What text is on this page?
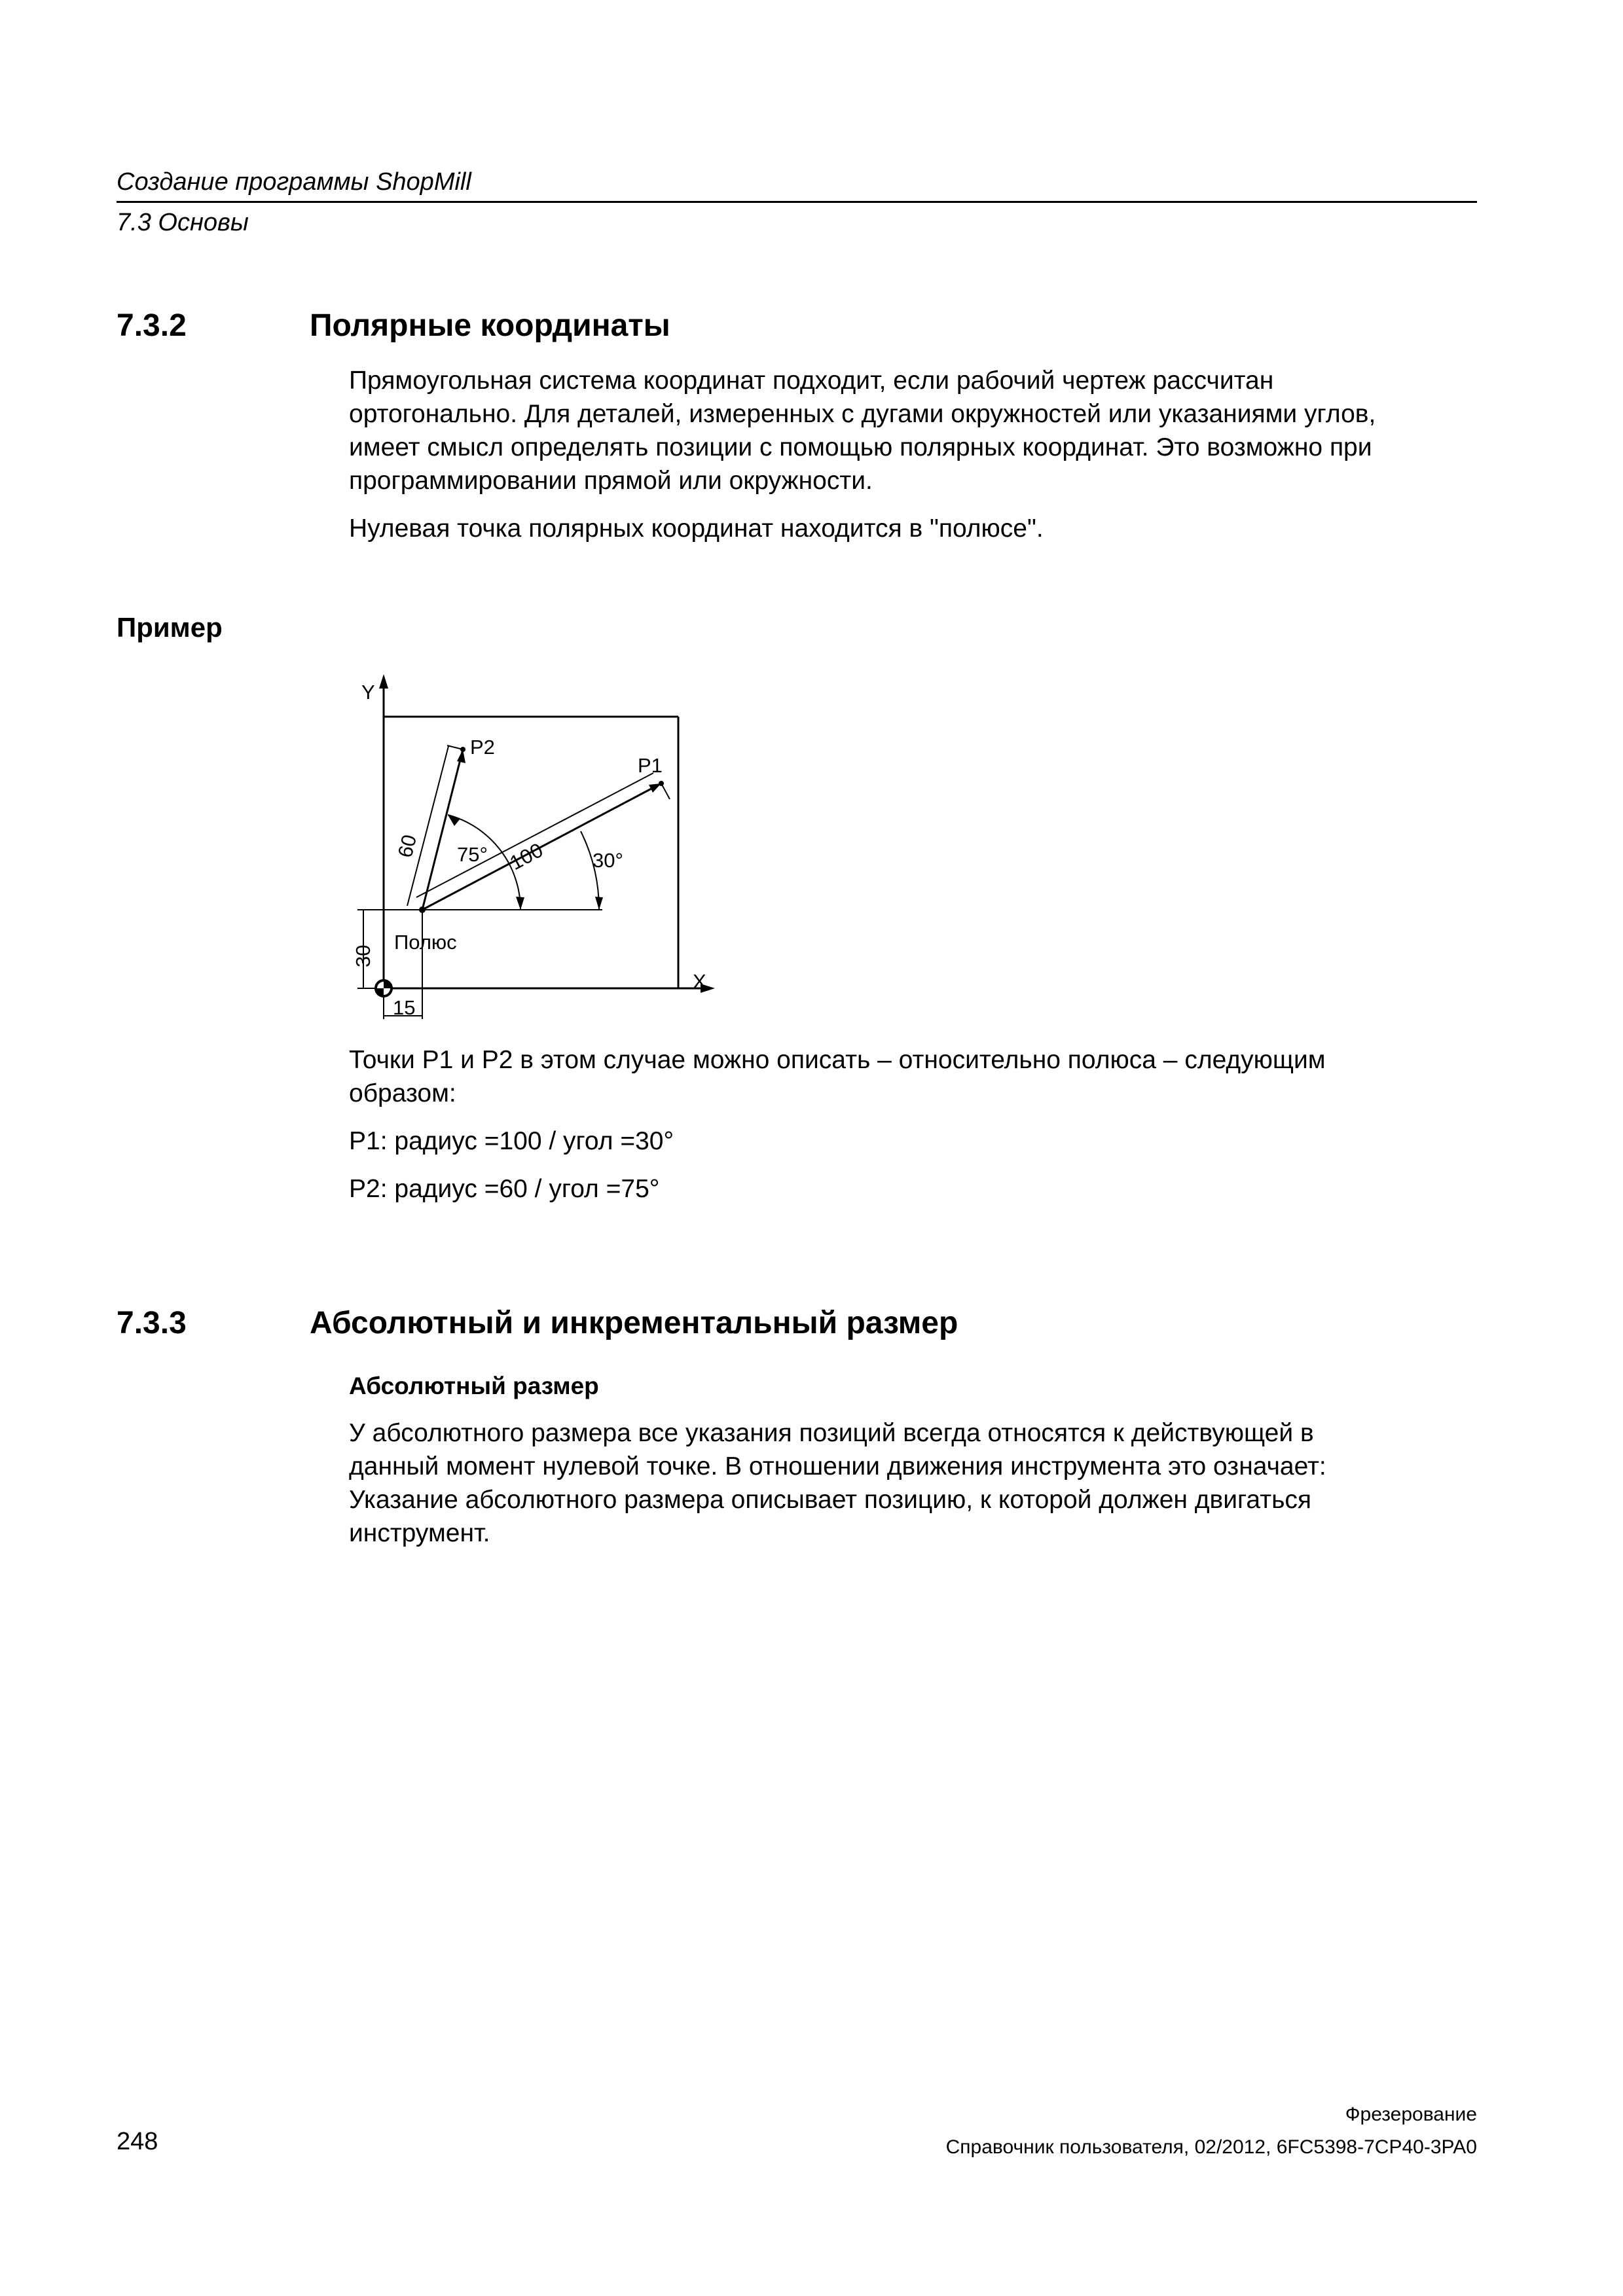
Создание программы ShopMill
7.3 Основы
7.3.2	Полярные координаты

Прямоугольная система координат подходит, если рабочий чертеж рассчитан
ортогонально. Для деталей, измеренных с дугами окружностей или указаниями углов,
имеет смысл определять позиции с помощью полярных координат. Это возможно при
программировании прямой или окружности.

Нулевая точка полярных координат находится в "полюсе".

Пример
Y
X
P1
P2
Полюс
75°	30°
15
100
60
30

Точки P1 и P2 в этом случае можно описать – относительно полюса – следующим
образом:

P1: радиус =100 / угол =30°

P2: радиус =60 / угол =75°

7.3.3	Абсолютный и инкрементальный размер
Абсолютный размер

У абсолютного размера все указания позиций всегда относятся к действующей в
данный момент нулевой точке. В отношении движения инструмента это означает:
Указание абсолютного размера описывает позицию, к которой должен двигаться
инструмент.

Фрезерование
248	Справочник пользователя, 02/2012, 6FC5398-7CP40-3PA0
